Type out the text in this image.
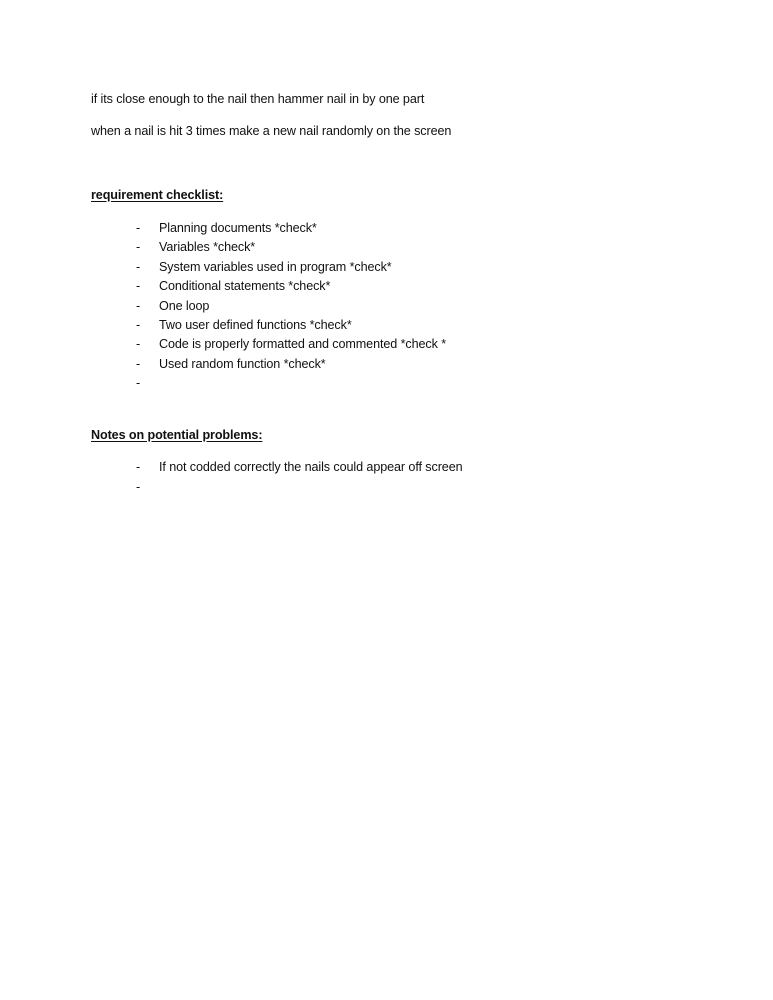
if its close enough to the nail then hammer nail in by one part
when a nail is hit 3 times make a new nail randomly on the screen
requirement checklist:
-	Planning documents *check*
-	Variables *check*
-	System variables used in program *check*
-	Conditional statements *check*
-	One loop
-	Two user defined functions *check*
-	Code is properly formatted and commented *check *
-	Used random function *check*
-
Notes on potential problems:
-	If not codded correctly the nails could appear off screen
-
